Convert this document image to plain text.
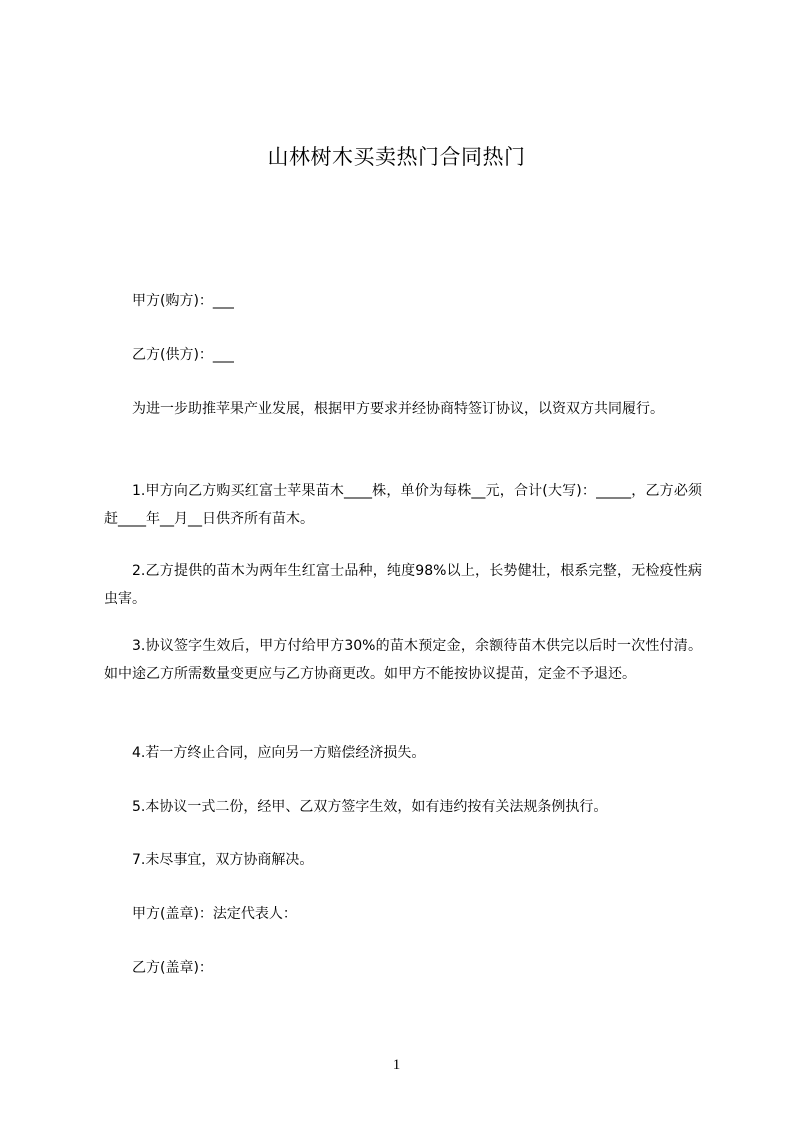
山林树木买卖热门合同热门
甲方(购方)：___
乙方(供方)：___
为进一步助推苹果产业发展，根据甲方要求并经协商特签订协议，以资双方共同履行。
1.甲方向乙方购买红富士苹果苗木____株，单价为每株__元，合计(大写)：_____，乙方必须赶____年__月__日供齐所有苗木。
2.乙方提供的苗木为两年生红富士品种，纯度98%以上，长势健壮，根系完整，无检疫性病虫害。
3.协议签字生效后，甲方付给甲方30%的苗木预定金，余额待苗木供完以后时一次性付清。如中途乙方所需数量变更应与乙方协商更改。如甲方不能按协议提苗，定金不予退还。
4.若一方终止合同，应向另一方赔偿经济损失。
5.本协议一式二份，经甲、乙双方签字生效，如有违约按有关法规条例执行。
7.未尽事宜，双方协商解决。
甲方(盖章)：法定代表人：
乙方(盖章)：
1
